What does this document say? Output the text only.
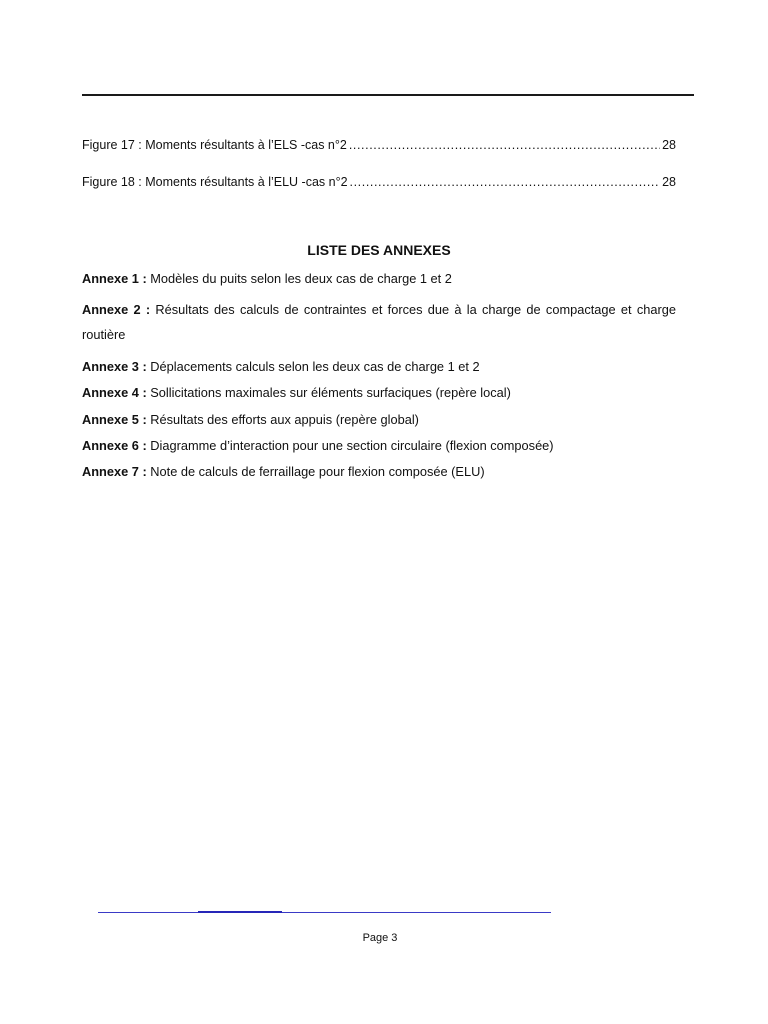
Figure 17 : Moments résultants à l’ELS -cas n°2 .....	28
Figure 18 : Moments résultants à l’ELU -cas n°2 .....	28
LISTE DES ANNEXES
Annexe 1 : Modèles du puits selon les deux cas de charge 1 et 2
Annexe 2 : Résultats des calculs de contraintes et forces due à la charge de compactage et charge routière
Annexe 3 : Déplacements calculs selon les deux cas de charge 1 et 2
Annexe 4 : Sollicitations maximales sur éléments surfaciques (repère local)
Annexe 5 : Résultats des efforts aux appuis (repère global)
Annexe 6 : Diagramme d’interaction pour une section circulaire (flexion composée)
Annexe 7 : Note de calculs de ferraillage pour flexion composée (ELU)
Page 3
